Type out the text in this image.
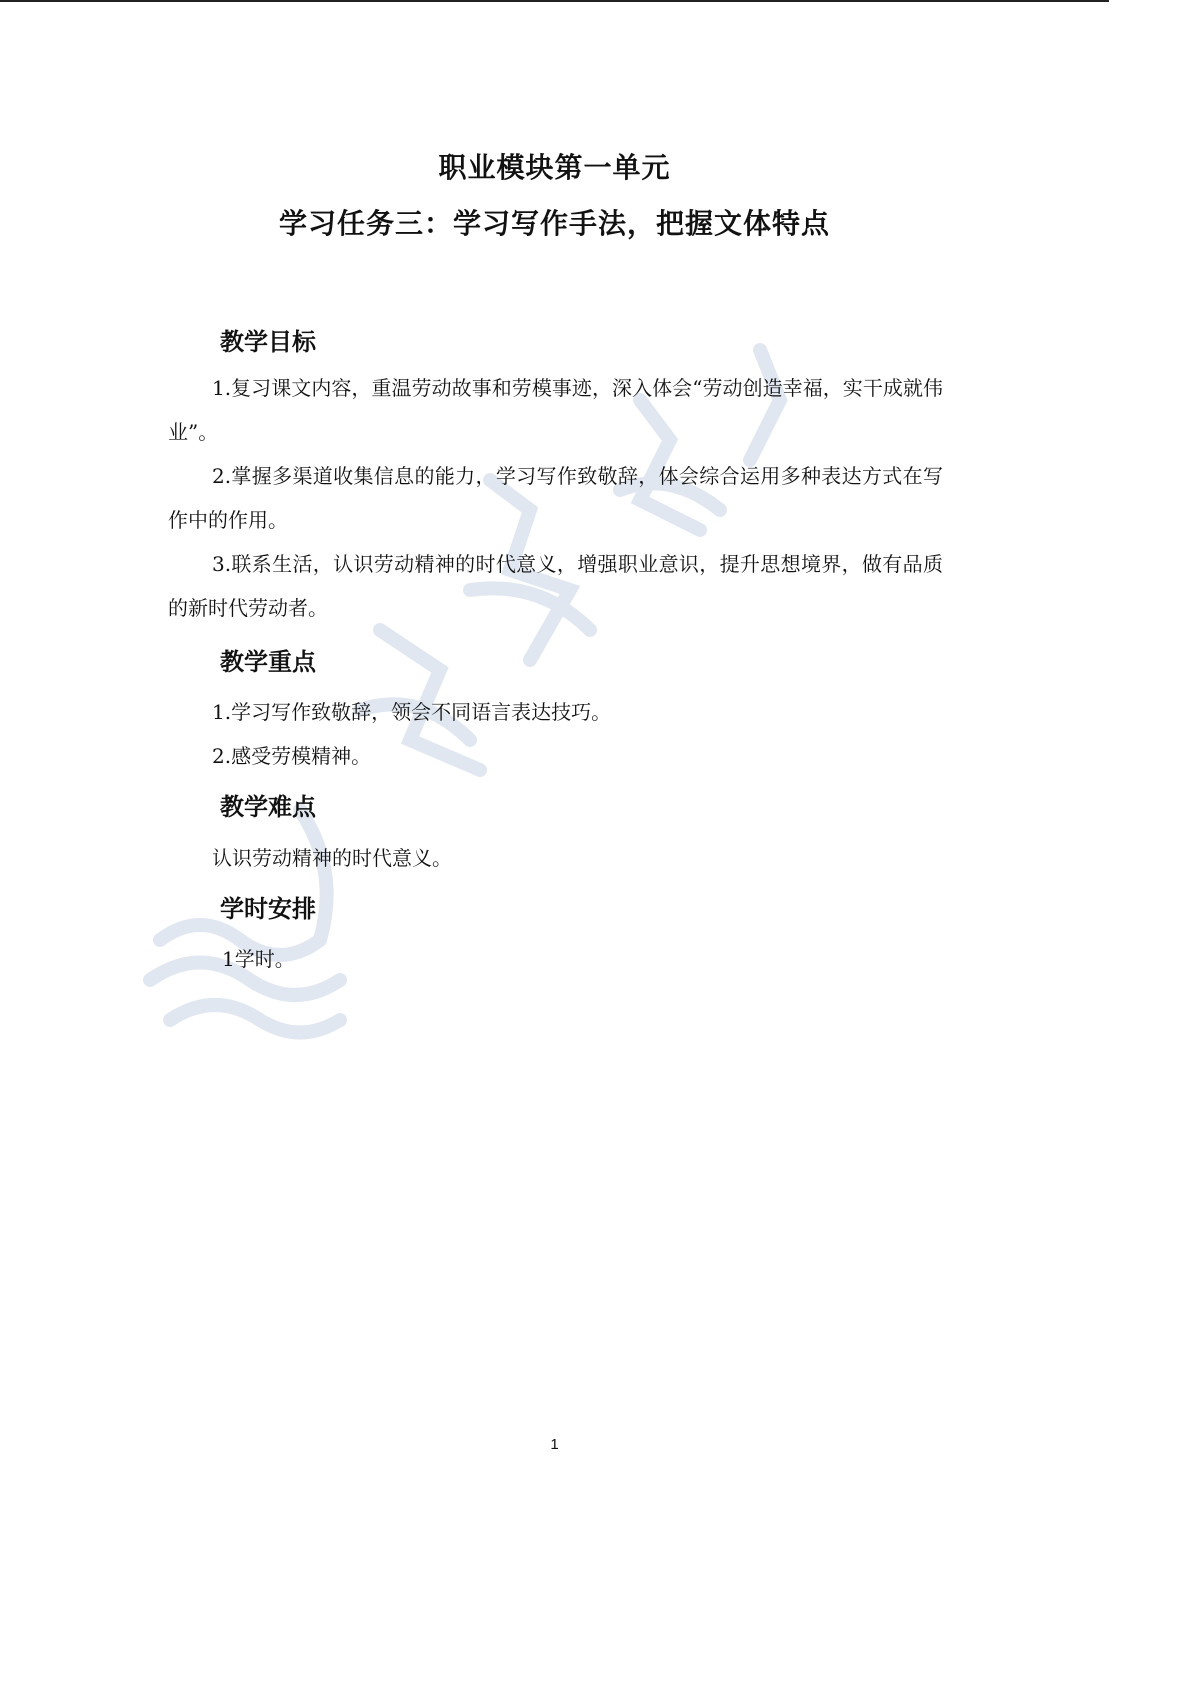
职业模块第一单元
学习任务三：学习写作手法，把握文体特点
教学目标
1.复习课文内容，重温劳动故事和劳模事迹，深入体会“劳动创造幸福，实干成就伟业”。
2.掌握多渠道收集信息的能力，学习写作致敬辞，体会综合运用多种表达方式在写作中的作用。
3.联系生活，认识劳动精神的时代意义，增强职业意识，提升思想境界，做有品质的新时代劳动者。
教学重点
1.学习写作致敬辞，领会不同语言表达技巧。
2.感受劳模精神。
教学难点
认识劳动精神的时代意义。
学时安排
1学时。
1
